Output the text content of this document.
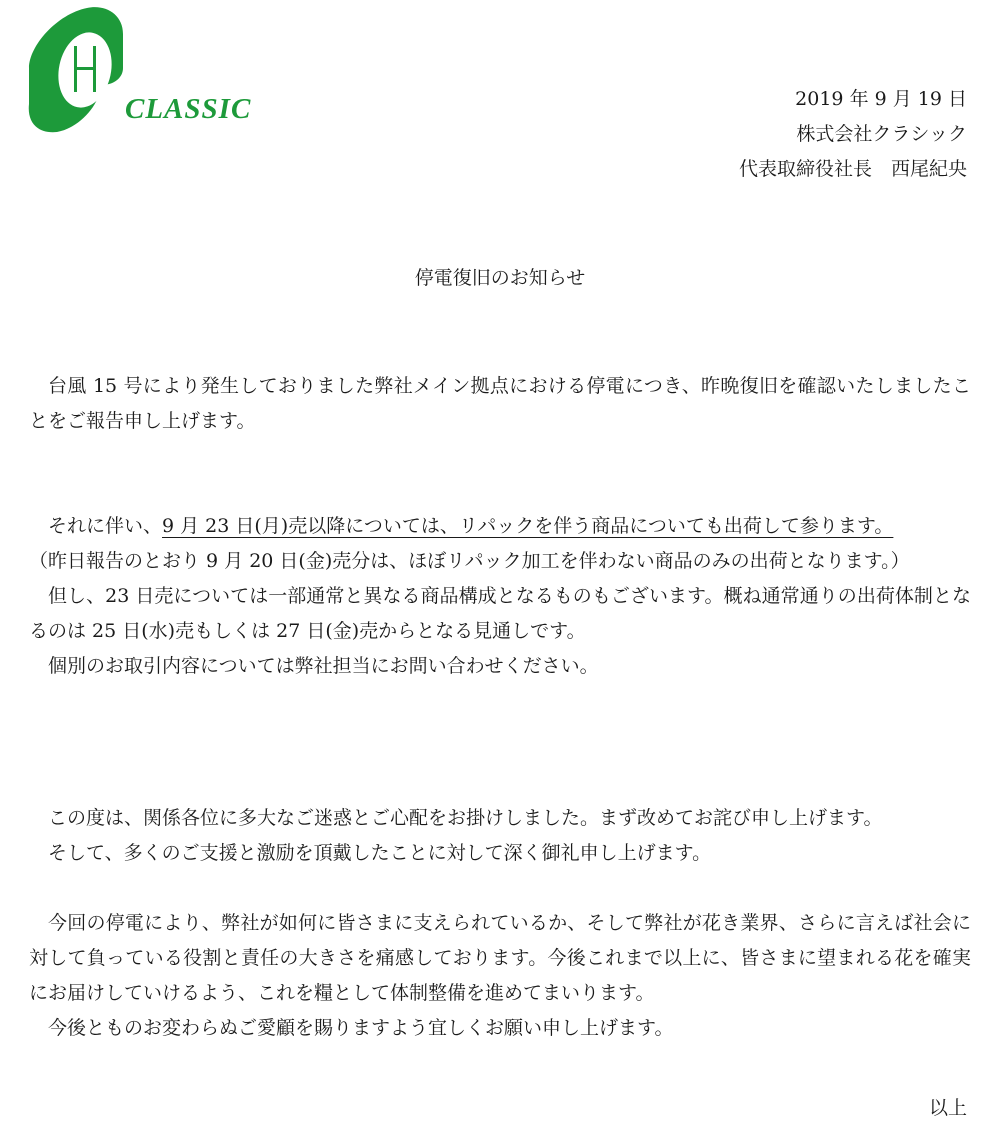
CLASSIC	2019 年 9 月 19 日
株式会社クラシック
代表取締役社長　西尾紀央
停電復旧のお知らせ

台風 15 号により発生しておりました弊社メイン拠点における停電につき、昨晩復旧を確認いたしましたことをご報告申し上げます。

それに伴い、9 月 23 日(月)売以降については、リパックを伴う商品についても出荷して参ります。

（昨日報告のとおり 9 月 20 日(金)売分は、ほぼリパック加工を伴わない商品のみの出荷となります。）

但し、23 日売については一部通常と異なる商品構成となるものもございます。概ね通常通りの出荷体制となるのは 25 日(水)売もしくは 27 日(金)売からとなる見通しです。

個別のお取引内容については弊社担当にお問い合わせください。

この度は、関係各位に多大なご迷惑とご心配をお掛けしました。まず改めてお詫び申し上げます。

そして、多くのご支援と激励を頂戴したことに対して深く御礼申し上げます。

今回の停電により、弊社が如何に皆さまに支えられているか、そして弊社が花き業界、さらに言えば社会に対して負っている役割と責任の大きさを痛感しております。今後これまで以上に、皆さまに望まれる花を確実にお届けしていけるよう、これを糧として体制整備を進めてまいります。

今後とものお変わらぬご愛顧を賜りますよう宜しくお願い申し上げます。

以上
